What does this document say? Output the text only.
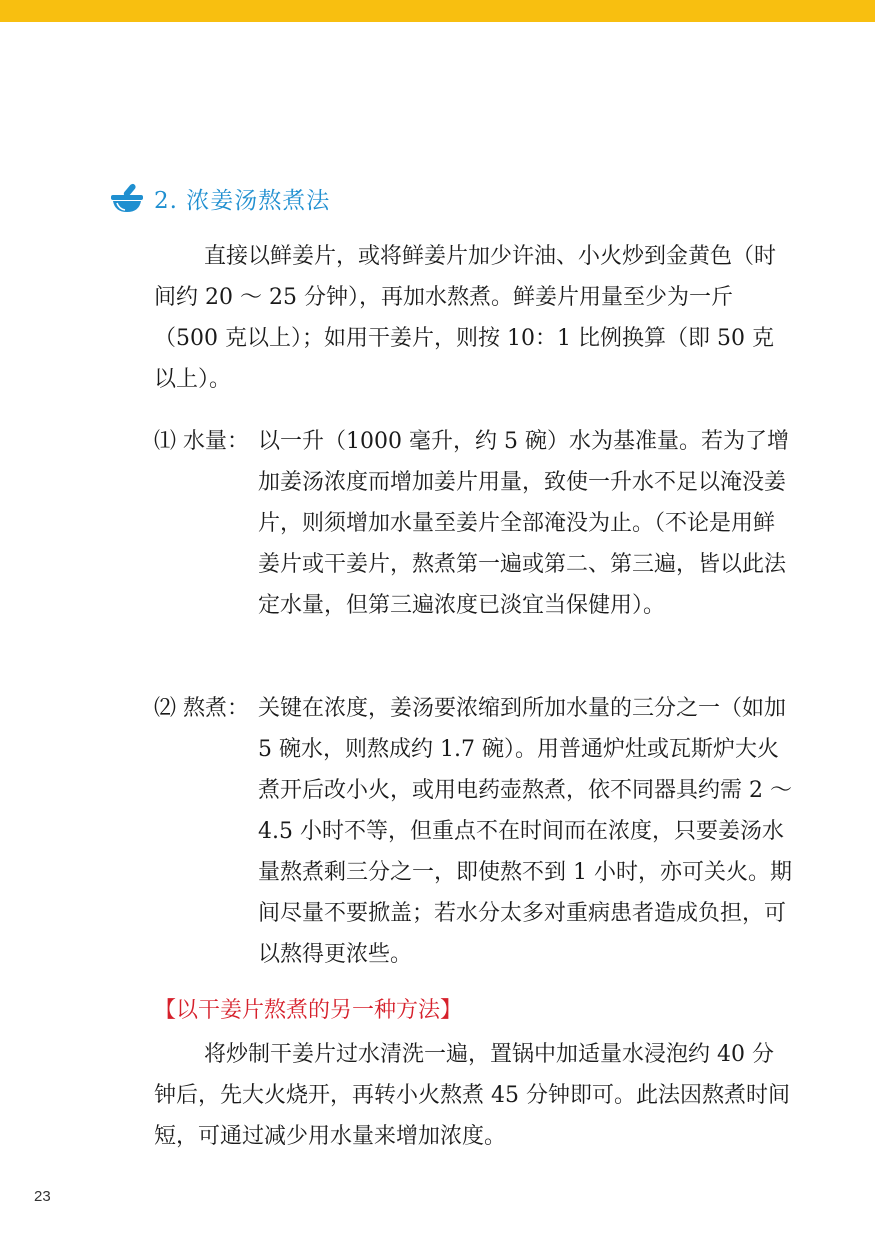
2. 浓姜汤熬煮法

直接以鲜姜片，或将鲜姜片加少许油、小火炒到金黄色（时间约 20 ～ 25 分钟），再加水熬煮。鲜姜片用量至少为一斤（500 克以上）；如用干姜片，则按 10：1 比例换算（即 50 克以上）。

⑴ 水量： 以一升（1000 毫升，约 5 碗）水为基准量。若为了增加姜汤浓度而增加姜片用量，致使一升水不足以淹没姜片，则须增加水量至姜片全部淹没为止。（不论是用鲜姜片或干姜片，熬煮第一遍或第二、第三遍，皆以此法定水量，但第三遍浓度已淡宜当保健用）。
⑵ 熬煮： 关键在浓度，姜汤要浓缩到所加水量的三分之一（如加 5 碗水，则熬成约 1.7 碗）。用普通炉灶或瓦斯炉大火煮开后改小火，或用电药壶熬煮，依不同器具约需 2 ～ 4.5 小时不等，但重点不在时间而在浓度，只要姜汤水量熬煮剩三分之一，即使熬不到 1 小时，亦可关火。期间尽量不要掀盖；若水分太多对重病患者造成负担，可以熬得更浓些。
【以干姜片熬煮的另一种方法】

将炒制干姜片过水清洗一遍，置锅中加适量水浸泡约 40 分钟后，先大火烧开，再转小火熬煮 45 分钟即可。此法因熬煮时间短，可通过减少用水量来增加浓度。

23
